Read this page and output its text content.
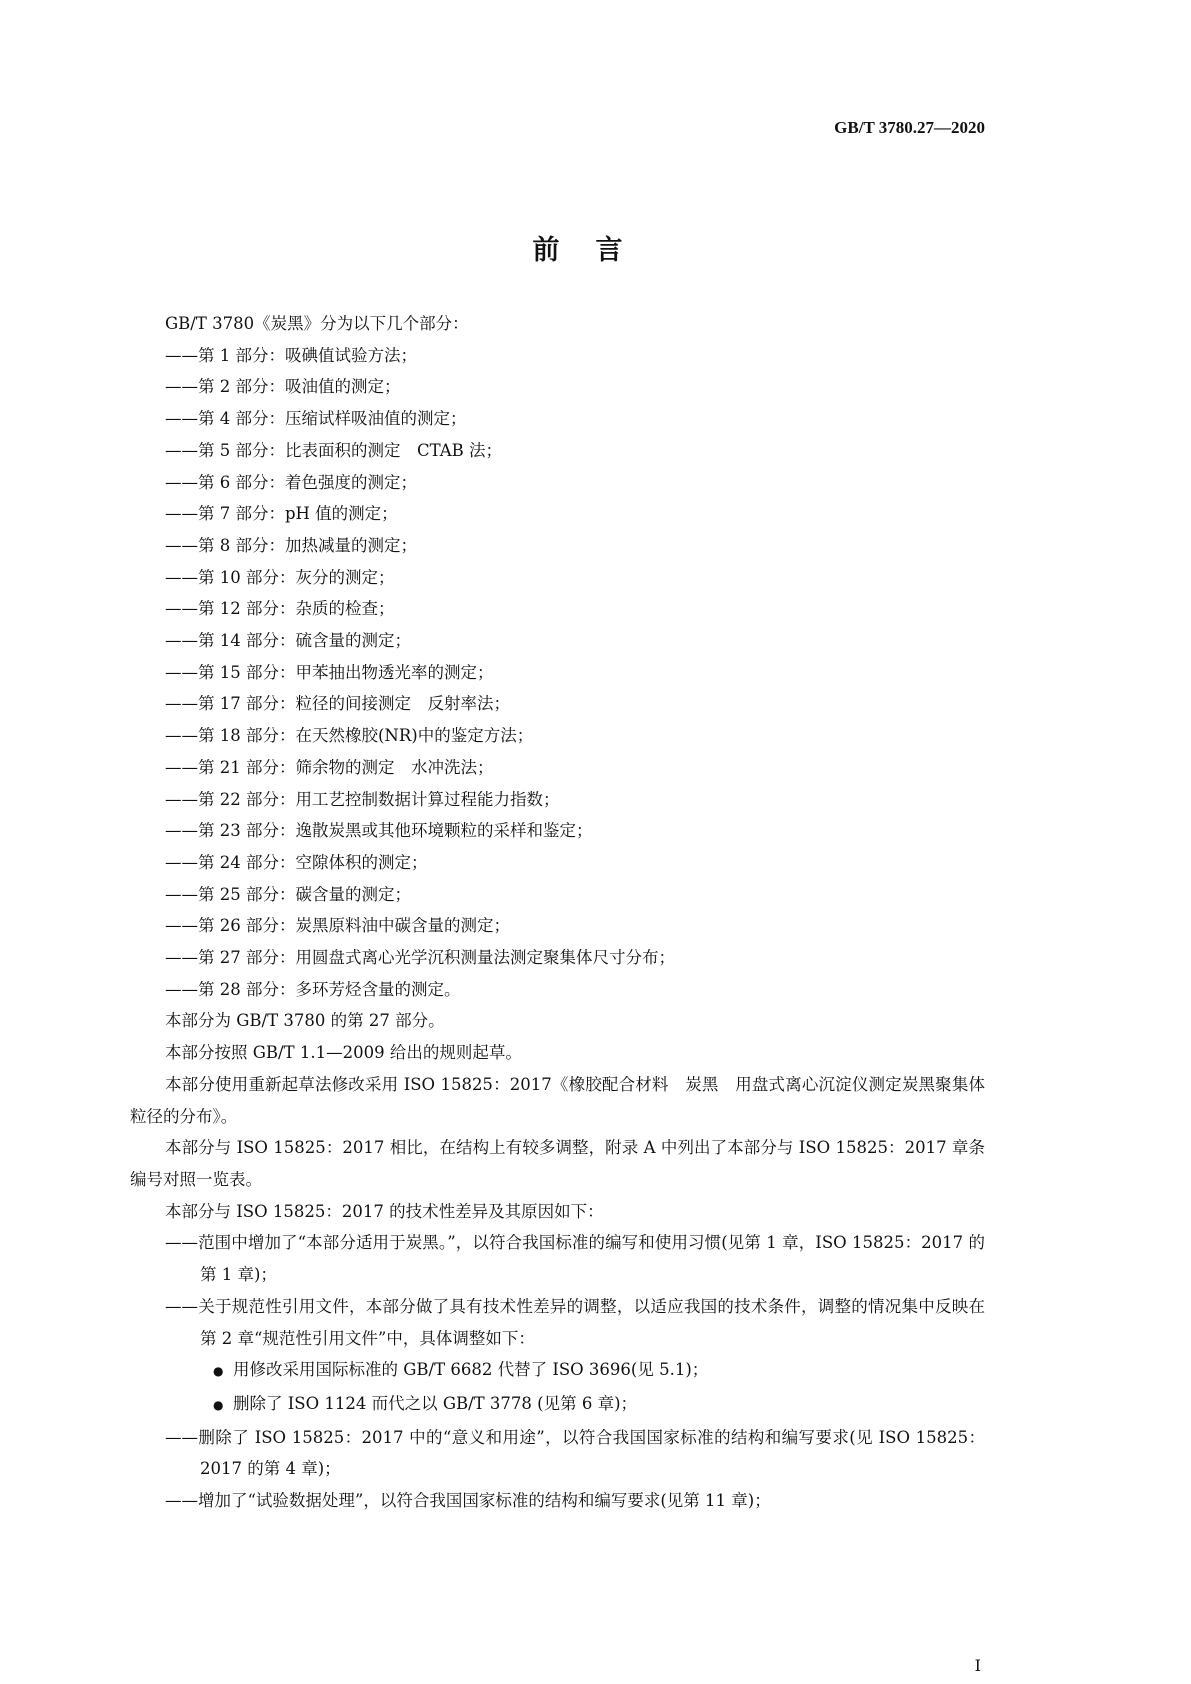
GB/T 3780.27—2020
前言

GB/T 3780《炭黑》分为以下几个部分：

——第 1 部分：吸碘值试验方法；

——第 2 部分：吸油值的测定；

——第 4 部分：压缩试样吸油值的测定；

——第 5 部分：比表面积的测定　CTAB 法；

——第 6 部分：着色强度的测定；

——第 7 部分：pH 值的测定；

——第 8 部分：加热减量的测定；

——第 10 部分：灰分的测定；

——第 12 部分：杂质的检查；

——第 14 部分：硫含量的测定；

——第 15 部分：甲苯抽出物透光率的测定；

——第 17 部分：粒径的间接测定　反射率法；

——第 18 部分：在天然橡胶(NR)中的鉴定方法；

——第 21 部分：筛余物的测定　水冲洗法；

——第 22 部分：用工艺控制数据计算过程能力指数；

——第 23 部分：逸散炭黑或其他环境颗粒的采样和鉴定；

——第 24 部分：空隙体积的测定；

——第 25 部分：碳含量的测定；

——第 26 部分：炭黑原料油中碳含量的测定；

——第 27 部分：用圆盘式离心光学沉积测量法测定聚集体尺寸分布；

——第 28 部分：多环芳烃含量的测定。

本部分为 GB/T 3780 的第 27 部分。

本部分按照 GB/T 1.1—2009 给出的规则起草。

本部分使用重新起草法修改采用 ISO 15825：2017《橡胶配合材料　炭黑　用盘式离心沉淀仪测定炭黑聚集体粒径的分布》。

本部分与 ISO 15825：2017 相比，在结构上有较多调整，附录 A 中列出了本部分与 ISO 15825：2017 章条编号对照一览表。

本部分与 ISO 15825：2017 的技术性差异及其原因如下：

——范围中增加了“本部分适用于炭黑。”，以符合我国标准的编写和使用习惯(见第 1 章，ISO 15825：2017 的第 1 章)；

——关于规范性引用文件，本部分做了具有技术性差异的调整，以适应我国的技术条件，调整的情况集中反映在第 2 章“规范性引用文件”中，具体调整如下：

● 用修改采用国际标准的 GB/T 6682 代替了 ISO 3696(见 5.1)；

● 删除了 ISO 1124 而代之以 GB/T 3778 (见第 6 章)；

——删除了 ISO 15825：2017 中的“意义和用途”，以符合我国国家标准的结构和编写要求(见 ISO 15825：2017 的第 4 章)；

——增加了“试验数据处理”，以符合我国国家标准的结构和编写要求(见第 11 章)；

I
